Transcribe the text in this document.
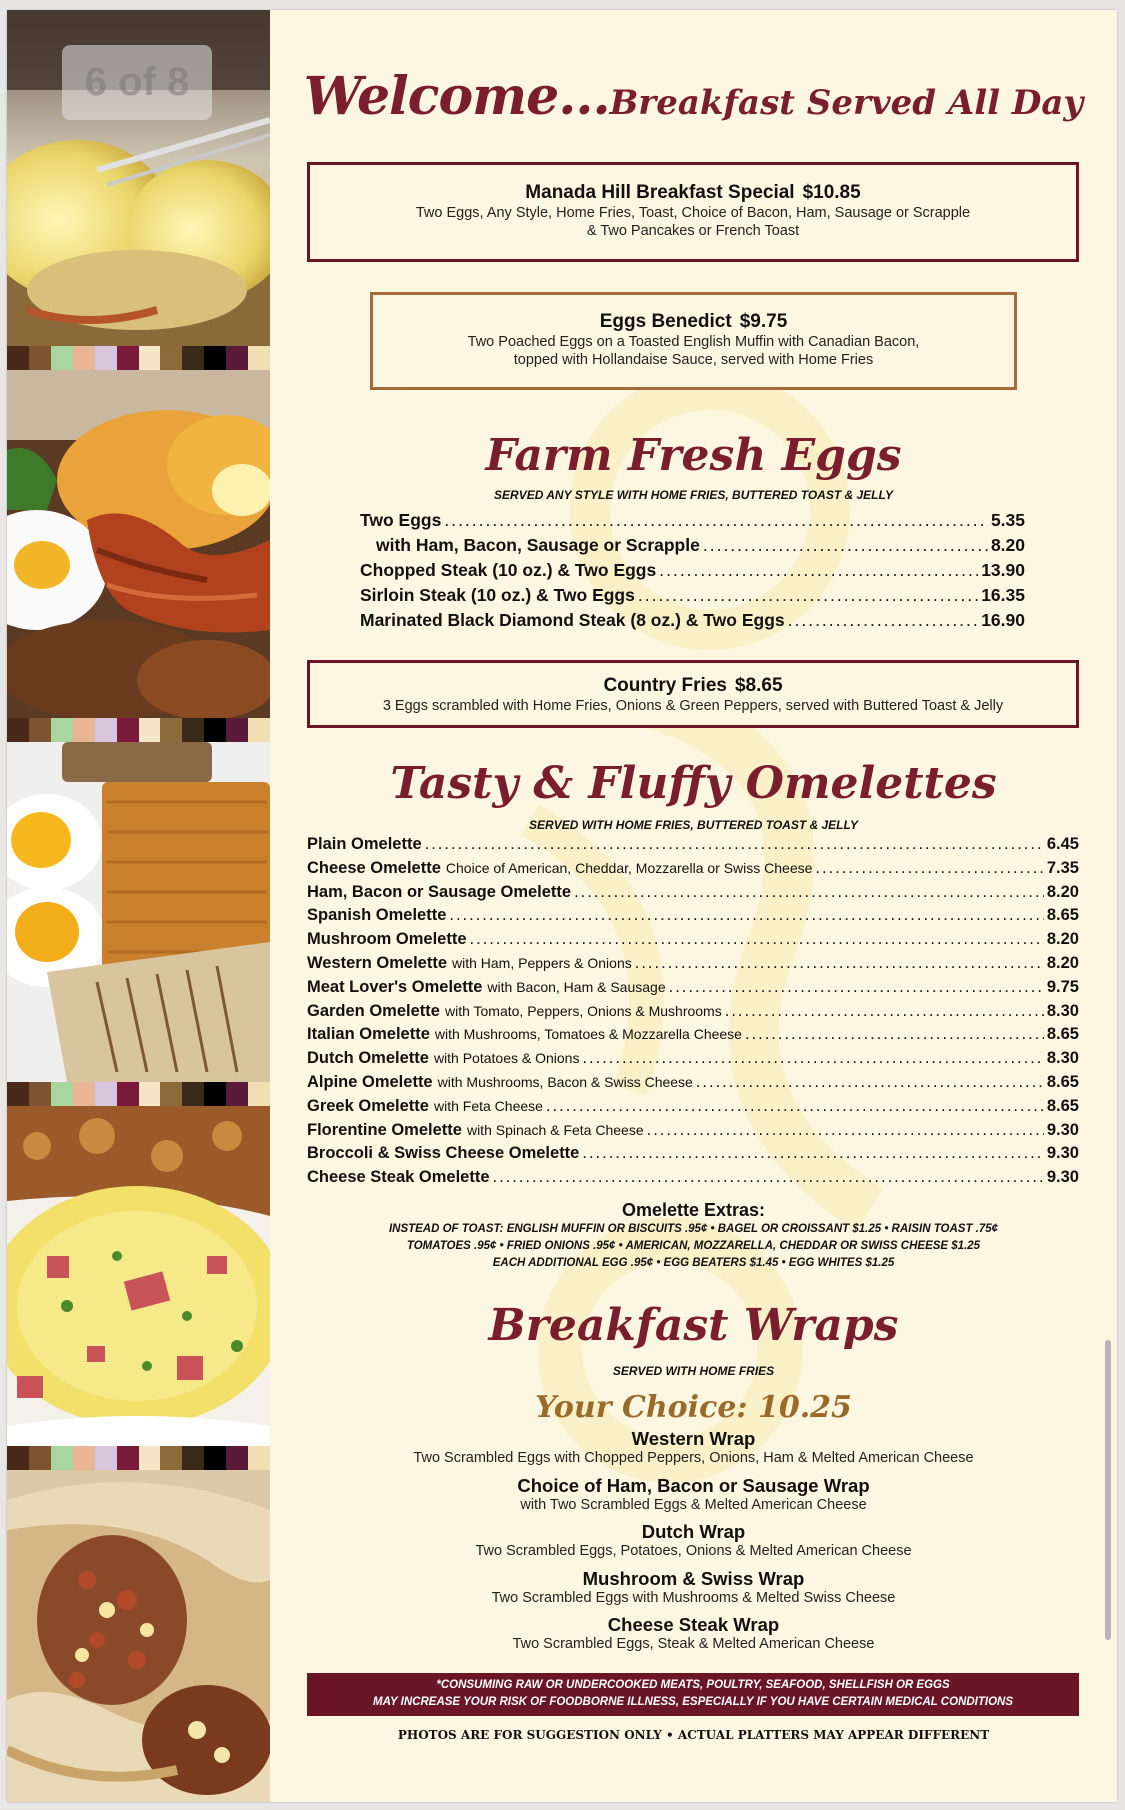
6 of 8	Welcome...Breakfast Served All Day
Manada Hill Breakfast Special $10.85
Two Eggs, Any Style, Home Fries, Toast, Choice of Bacon, Ham, Sausage or Scrapple
& Two Pancakes or French Toast
Eggs Benedict $9.75
Two Poached Eggs on a Toasted English Muffin with Canadian Bacon,
topped with Hollandaise Sauce, served with Home Fries
Farm Fresh Eggs
SERVED ANY STYLE WITH HOME FRIES, BUTTERED TOAST & JELLY
Two Eggs .....	5.35
with Ham, Bacon, Sausage or Scrapple .....	8.20
Chopped Steak (10 oz.) & Two Eggs .....	13.90
Sirloin Steak (10 oz.) & Two Eggs .....	16.35
Marinated Black Diamond Steak (8 oz.) & Two Eggs .....	16.90
Country Fries $8.65
3 Eggs scrambled with Home Fries, Onions & Green Peppers, served with Buttered Toast & Jelly
Tasty & Fluffy Omelettes
SERVED WITH HOME FRIES, BUTTERED TOAST & JELLY
Plain Omelette .....	6.45
Cheese Omelette Choice of American, Cheddar, Mozzarella or Swiss Cheese .....	7.35
Ham, Bacon or Sausage Omelette .....	8.20
Spanish Omelette .....	8.65
Mushroom Omelette .....	8.20
Western Omelette with Ham, Peppers & Onions .....	8.20
Meat Lover's Omelette with Bacon, Ham & Sausage .....	9.75
Garden Omelette with Tomato, Peppers, Onions & Mushrooms .....	8.30
Italian Omelette with Mushrooms, Tomatoes & Mozzarella Cheese .....	8.65
Dutch Omelette with Potatoes & Onions .....	8.30
Alpine Omelette with Mushrooms, Bacon & Swiss Cheese .....	8.65
Greek Omelette with Feta Cheese .....	8.65
Florentine Omelette with Spinach & Feta Cheese .....	9.30
Broccoli & Swiss Cheese Omelette .....	9.30
Cheese Steak Omelette .....	9.30
Omelette Extras:
INSTEAD OF TOAST: ENGLISH MUFFIN OR BISCUITS .95¢ • BAGEL OR CROISSANT $1.25 • RAISIN TOAST .75¢
TOMATOES .95¢ • FRIED ONIONS .95¢ • AMERICAN, MOZZARELLA, CHEDDAR OR SWISS CHEESE $1.25
EACH ADDITIONAL EGG .95¢ • EGG BEATERS $1.45 • EGG WHITES $1.25
Breakfast Wraps
SERVED WITH HOME FRIES
Your Choice: 10.25
Western Wrap
Two Scrambled Eggs with Chopped Peppers, Onions, Ham & Melted American Cheese
Choice of Ham, Bacon or Sausage Wrap
with Two Scrambled Eggs & Melted American Cheese
Dutch Wrap
Two Scrambled Eggs, Potatoes, Onions & Melted American Cheese
Mushroom & Swiss Wrap
Two Scrambled Eggs with Mushrooms & Melted Swiss Cheese
Cheese Steak Wrap
Two Scrambled Eggs, Steak & Melted American Cheese
*CONSUMING RAW OR UNDERCOOKED MEATS, POULTRY, SEAFOOD, SHELLFISH OR EGGS
MAY INCREASE YOUR RISK OF FOODBORNE ILLNESS, ESPECIALLY IF YOU HAVE CERTAIN MEDICAL CONDITIONS
PHOTOS ARE FOR SUGGESTION ONLY • ACTUAL PLATTERS MAY APPEAR DIFFERENT
